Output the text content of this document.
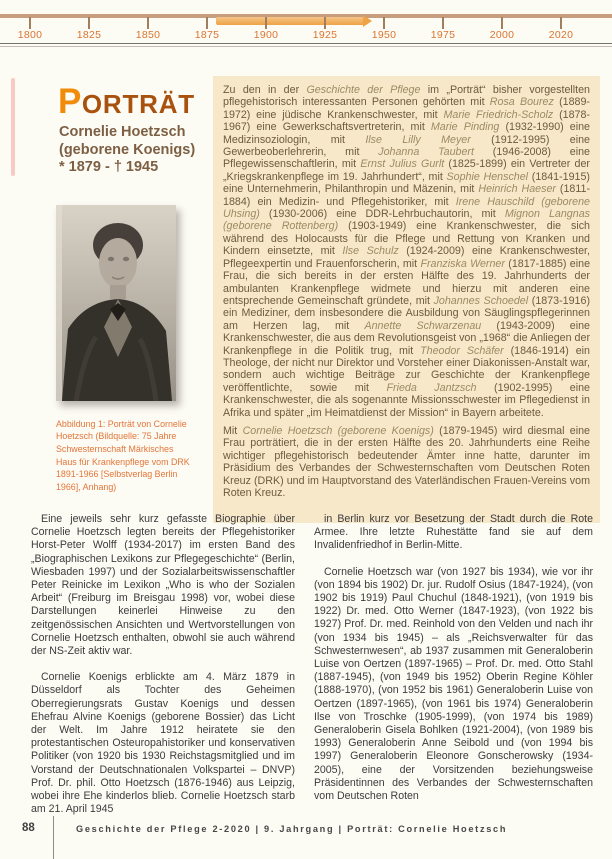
1800	1825	1850	1875	1900	1925	1950	1975	2000	2020
PORTRÄT
Cornelie Hoetzsch
(geborene Koenigs)
* 1879 - † 1945

Abbildung 1: Porträt von Cornelie Hoetzsch (Bildquelle: 75 Jahre Schwesternschaft Märkisches Haus für Krankenpflege vom DRK 1891-1966 [Selbstverlag Berlin 1966], Anhang)

Zu den in der Geschichte der Pflege im „Porträt“ bisher vorgestellten pflegehistorisch interessanten Personen gehörten mit Rosa Bourez (1889-1972) eine jüdische Krankenschwester, mit Marie Friedrich-Scholz (1878-1967) eine Gewerkschaftsvertreterin, mit Marie Pinding (1932-1990) eine Medizinsoziologin, mit Ilse Lilly Meyer (1912-1995) eine Gewerbeoberlehrerin, mit Johanna Taubert (1946-2008) eine Pflegewissenschaftlerin, mit Ernst Julius Gurlt (1825-1899) ein Vertreter der „Kriegskrankenpflege im 19. Jahrhundert“, mit Sophie Henschel (1841-1915) eine Unternehmerin, Philanthropin und Mäzenin, mit Heinrich Haeser (1811-1884) ein Medizin- und Pflegehistoriker, mit Irene Hauschild (geborene Uhsing) (1930-2006) eine DDR-Lehrbuchautorin, mit Mignon Langnas (geborene Rottenberg) (1903-1949) eine Krankenschwester, die sich während des Holocausts für die Pflege und Rettung von Kranken und Kindern einsetzte, mit Ilse Schulz (1924-2009) eine Krankenschwester, Pflegeexpertin und Frauenforscherin, mit Franziska Werner (1817-1885) eine Frau, die sich bereits in der ersten Hälfte des 19. Jahrhunderts der ambulanten Krankenpflege widmete und hierzu mit anderen eine entsprechende Gemeinschaft gründete, mit Johannes Schoedel (1873-1916) ein Mediziner, dem insbesondere die Ausbildung von Säuglingspflegerinnen am Herzen lag, mit Annette Schwarzenau (1943-2009) eine Krankenschwester, die aus dem Revolutionsgeist von „1968“ die Anliegen der Krankenpflege in die Politik trug, mit Theodor Schäfer (1846-1914) ein Theologe, der nicht nur Direktor und Vorsteher einer Diakonissen-Anstalt war, sondern auch wichtige Beiträge zur Geschichte der Krankenpflege veröffentlichte, sowie mit Frieda Jantzsch (1902-1995) eine Krankenschwester, die als sogenannte Missionsschwester im Pflegedienst in Afrika und später „im Heimatdienst der Mission“ in Bayern arbeitete.

Mit Cornelie Hoetzsch (geborene Koenigs) (1879-1945) wird diesmal eine Frau porträtiert, die in der ersten Hälfte des 20. Jahrhunderts eine Reihe wichtiger pflegehistorisch bedeutender Ämter inne hatte, darunter im Präsidium des Verbandes der Schwesternschaften vom Deutschen Roten Kreuz (DRK) und im Hauptvorstand des Vaterländischen Frauen-Vereins vom Roten Kreuz.

Eine jeweils sehr kurz gefasste Biographie über Cornelie Hoetzsch legten bereits der Pflegehistoriker Horst-Peter Wolff (1934-2017) im ersten Band des „Biographischen Lexikons zur Pflegegeschichte“ (Berlin, Wiesbaden 1997) und der Sozialarbeitswissenschaftler Peter Reinicke im Lexikon „Who is who der Sozialen Arbeit“ (Freiburg im Breisgau 1998) vor, wobei diese Darstellungen keinerlei Hinweise zu den zeitgenössischen Ansichten und Wertvorstellungen von Cornelie Hoetzsch enthalten, obwohl sie auch während der NS-Zeit aktiv war.

Cornelie Koenigs erblickte am 4. März 1879 in Düsseldorf als Tochter des Geheimen Oberregierungsrats Gustav Koenigs und dessen Ehefrau Alvine Koenigs (geborene Bossier) das Licht der Welt. Im Jahre 1912 heiratete sie den protestantischen Osteuropahistoriker und konservativen Politiker (von 1920 bis 1930 Reichstagsmitglied und im Vorstand der Deutschnationalen Volkspartei – DNVP) Prof. Dr. phil. Otto Hoetzsch (1876-1946) aus Leipzig, wobei ihre Ehe kinderlos blieb. Cornelie Hoetzsch starb am 21. April 1945

in Berlin kurz vor Besetzung der Stadt durch die Rote Armee. Ihre letzte Ruhestätte fand sie auf dem Invalidenfriedhof in Berlin-Mitte.

Cornelie Hoetzsch war (von 1927 bis 1934), wie vor ihr (von 1894 bis 1902) Dr. jur. Rudolf Osius (1847-1924), (von 1902 bis 1919) Paul Chuchul (1848-1921), (von 1919 bis 1922) Dr. med. Otto Werner (1847-1923), (von 1922 bis 1927) Prof. Dr. med. Reinhold von den Velden und nach ihr (von 1934 bis 1945) – als „Reichsverwalter für das Schwesternwesen“, ab 1937 zusammen mit Generaloberin Luise von Oertzen (1897-1965) – Prof. Dr. med. Otto Stahl (1887-1945), (von 1949 bis 1952) Oberin Regine Köhler (1888-1970), (von 1952 bis 1961) Generaloberin Luise von Oertzen (1897-1965), (von 1961 bis 1974) Generaloberin Ilse von Troschke (1905-1999), (von 1974 bis 1989) Generaloberin Gisela Bohlken (1921-2004), (von 1989 bis 1993) Generaloberin Anne Seibold und (von 1994 bis 1997) Generaloberin Eleonore Gonscherowsky (1934-2005), eine der Vorsitzenden beziehungsweise Präsidentinnen des Verbandes der Schwesternschaften vom Deutschen Roten

88	Geschichte der Pflege 2-2020 | 9. Jahrgang | Porträt: Cornelie Hoetzsch
